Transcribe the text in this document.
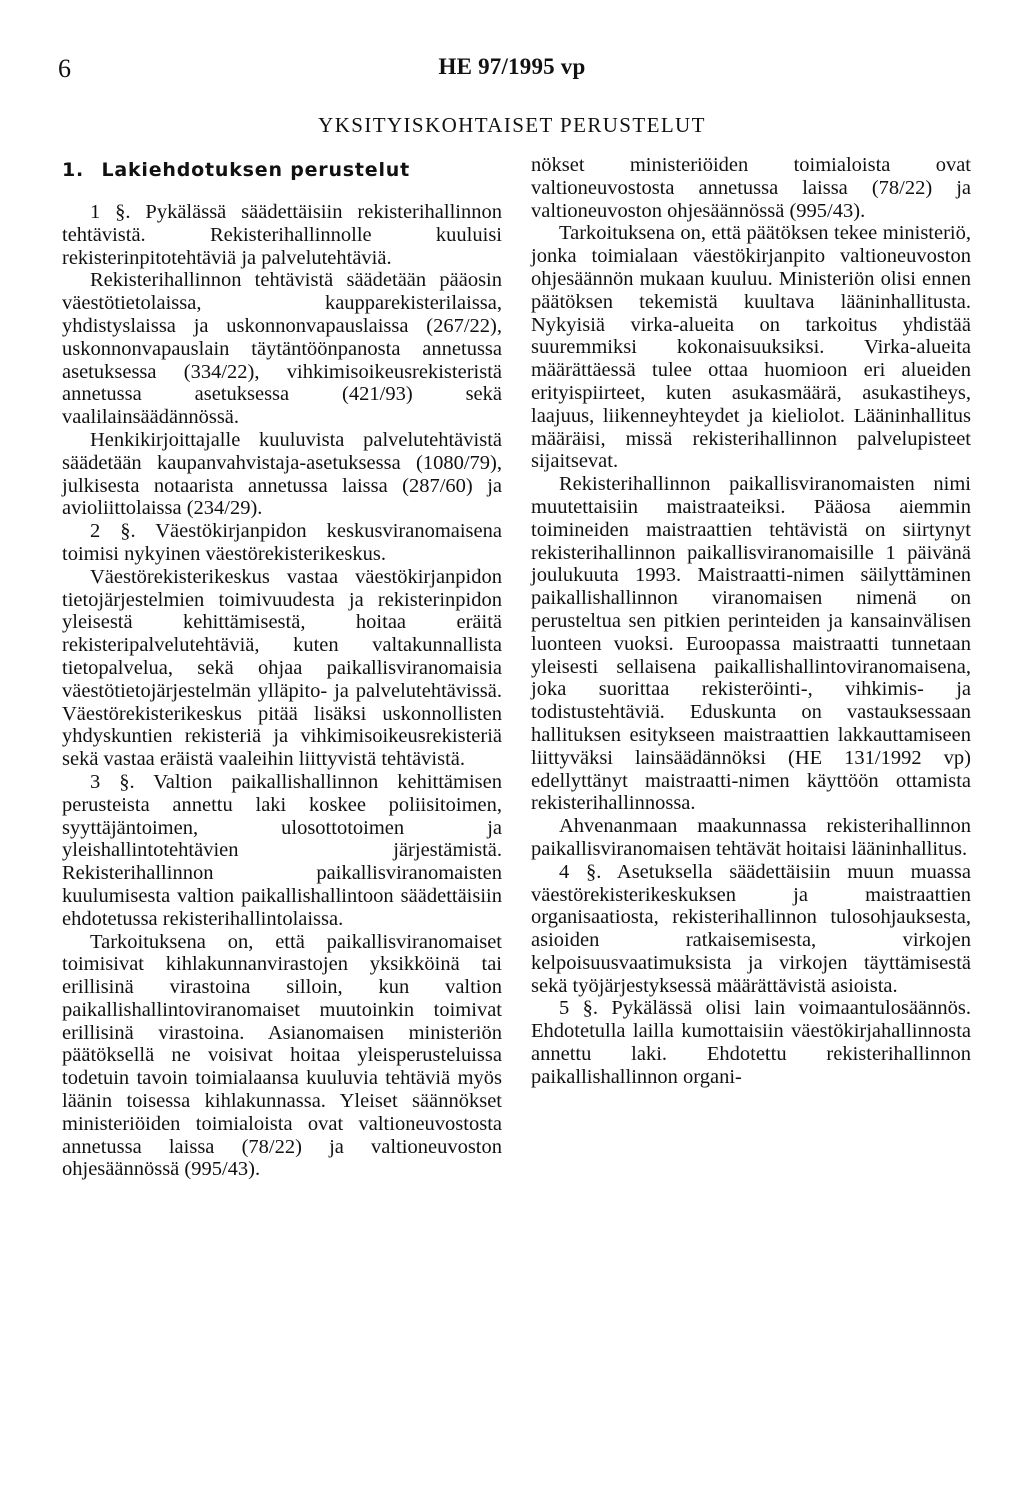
6	HE 97/1995 vp
YKSITYISKOHTAISET PERUSTELUT
1. Lakiehdotuksen perustelut

1 §. Pykälässä säädettäisiin rekisterihallinnon tehtävistä. Rekisterihallinnolle kuuluisi rekisterinpitotehtäviä ja palvelutehtäviä.

Rekisterihallinnon tehtävistä säädetään pääosin väestötietolaissa, kaupparekisterilaissa, yhdistyslaissa ja uskonnonvapauslaissa (267/22), uskonnonvapauslain täytäntöönpanosta annetussa asetuksessa (334/22), vihkimisoikeusrekisteristä annetussa asetuksessa (421/93) sekä vaalilainsäädännössä.

Henkikirjoittajalle kuuluvista palvelutehtävistä säädetään kaupanvahvistaja-asetuksessa (1080/79), julkisesta notaarista annetussa laissa (287/60) ja avioliittolaissa (234/29).

2 §. Väestökirjanpidon keskusviranomaisena toimisi nykyinen väestörekisterikeskus.

Väestörekisterikeskus vastaa väestökirjanpidon tietojärjestelmien toimivuudesta ja rekisterinpidon yleisestä kehittämisestä, hoitaa eräitä rekisteripalvelutehtäviä, kuten valtakunnallista tietopalvelua, sekä ohjaa paikallisviranomaisia väestötietojärjestelmän ylläpito- ja palvelutehtävissä. Väestörekisterikeskus pitää lisäksi uskonnollisten yhdyskuntien rekisteriä ja vihkimisoikeusrekisteriä sekä vastaa eräistä vaaleihin liittyvistä tehtävistä.

3 §. Valtion paikallishallinnon kehittämisen perusteista annettu laki koskee poliisitoimen, syyttäjäntoimen, ulosottotoimen ja yleishallintotehtävien järjestämistä. Rekisterihallinnon paikallisviranomaisten kuulumisesta valtion paikallishallintoon säädettäisiin ehdotetussa rekisterihallintolaissa.

Tarkoituksena on, että paikallisviranomaiset toimisivat kihlakunnanvirastojen yksikköinä tai erillisinä virastoina silloin, kun valtion paikallishallintoviranomaiset muutoinkin toimivat erillisinä virastoina. Asianomaisen ministeriön päätöksellä ne voisivat hoitaa yleisperusteluissa todetuin tavoin toimialaansa kuuluvia tehtäviä myös läänin toisessa kihlakunnassa. Yleiset säännökset ministeriöiden toimialoista ovat valtioneuvostosta annetussa laissa (78/22) ja valtioneuvoston ohjesäännössä (995/43).

nökset ministeriöiden toimialoista ovat valtioneuvostosta annetussa laissa (78/22) ja valtioneuvoston ohjesäännössä (995/43).

Tarkoituksena on, että päätöksen tekee ministeriö, jonka toimialaan väestökirjanpito valtioneuvoston ohjesäännön mukaan kuuluu. Ministeriön olisi ennen päätöksen tekemistä kuultava lääninhallitusta. Nykyisiä virka-alueita on tarkoitus yhdistää suuremmiksi kokonaisuuksiksi. Virka-alueita määrättäessä tulee ottaa huomioon eri alueiden erityispiirteet, kuten asukasmäärä, asukastiheys, laajuus, liikenneyhteydet ja kieliolot. Lääninhallitus määräisi, missä rekisterihallinnon palvelupisteet sijaitsevat.

Rekisterihallinnon paikallisviranomaisten nimi muutettaisiin maistraateiksi. Pääosa aiemmin toimineiden maistraattien tehtävistä on siirtynyt rekisterihallinnon paikallisviranomaisille 1 päivänä joulukuuta 1993. Maistraatti-nimen säilyttäminen paikallishallinnon viranomaisen nimenä on perusteltua sen pitkien perinteiden ja kansainvälisen luonteen vuoksi. Euroopassa maistraatti tunnetaan yleisesti sellaisena paikallishallintoviranomaisena, joka suorittaa rekisteröinti-, vihkimis- ja todistustehtäviä. Eduskunta on vastauksessaan hallituksen esitykseen maistraattien lakkauttamiseen liittyväksi lainsäädännöksi (HE 131/1992 vp) edellyttänyt maistraatti-nimen käyttöön ottamista rekisterihallinnossa.

Ahvenanmaan maakunnassa rekisterihallinnon paikallisviranomaisen tehtävät hoitaisi lääninhallitus.

4 §. Asetuksella säädettäisiin muun muassa väestörekisterikeskuksen ja maistraattien organisaatiosta, rekisterihallinnon tulosohjauksesta, asioiden ratkaisemisesta, virkojen kelpoisuusvaatimuksista ja virkojen täyttämisestä sekä työjärjestyksessä määrättävistä asioista.

5 §. Pykälässä olisi lain voimaantulosäännös. Ehdotetulla lailla kumottaisiin väestökirjahallinnosta annettu laki. Ehdotettu rekisterihallinnon paikallishallinnon organi-
